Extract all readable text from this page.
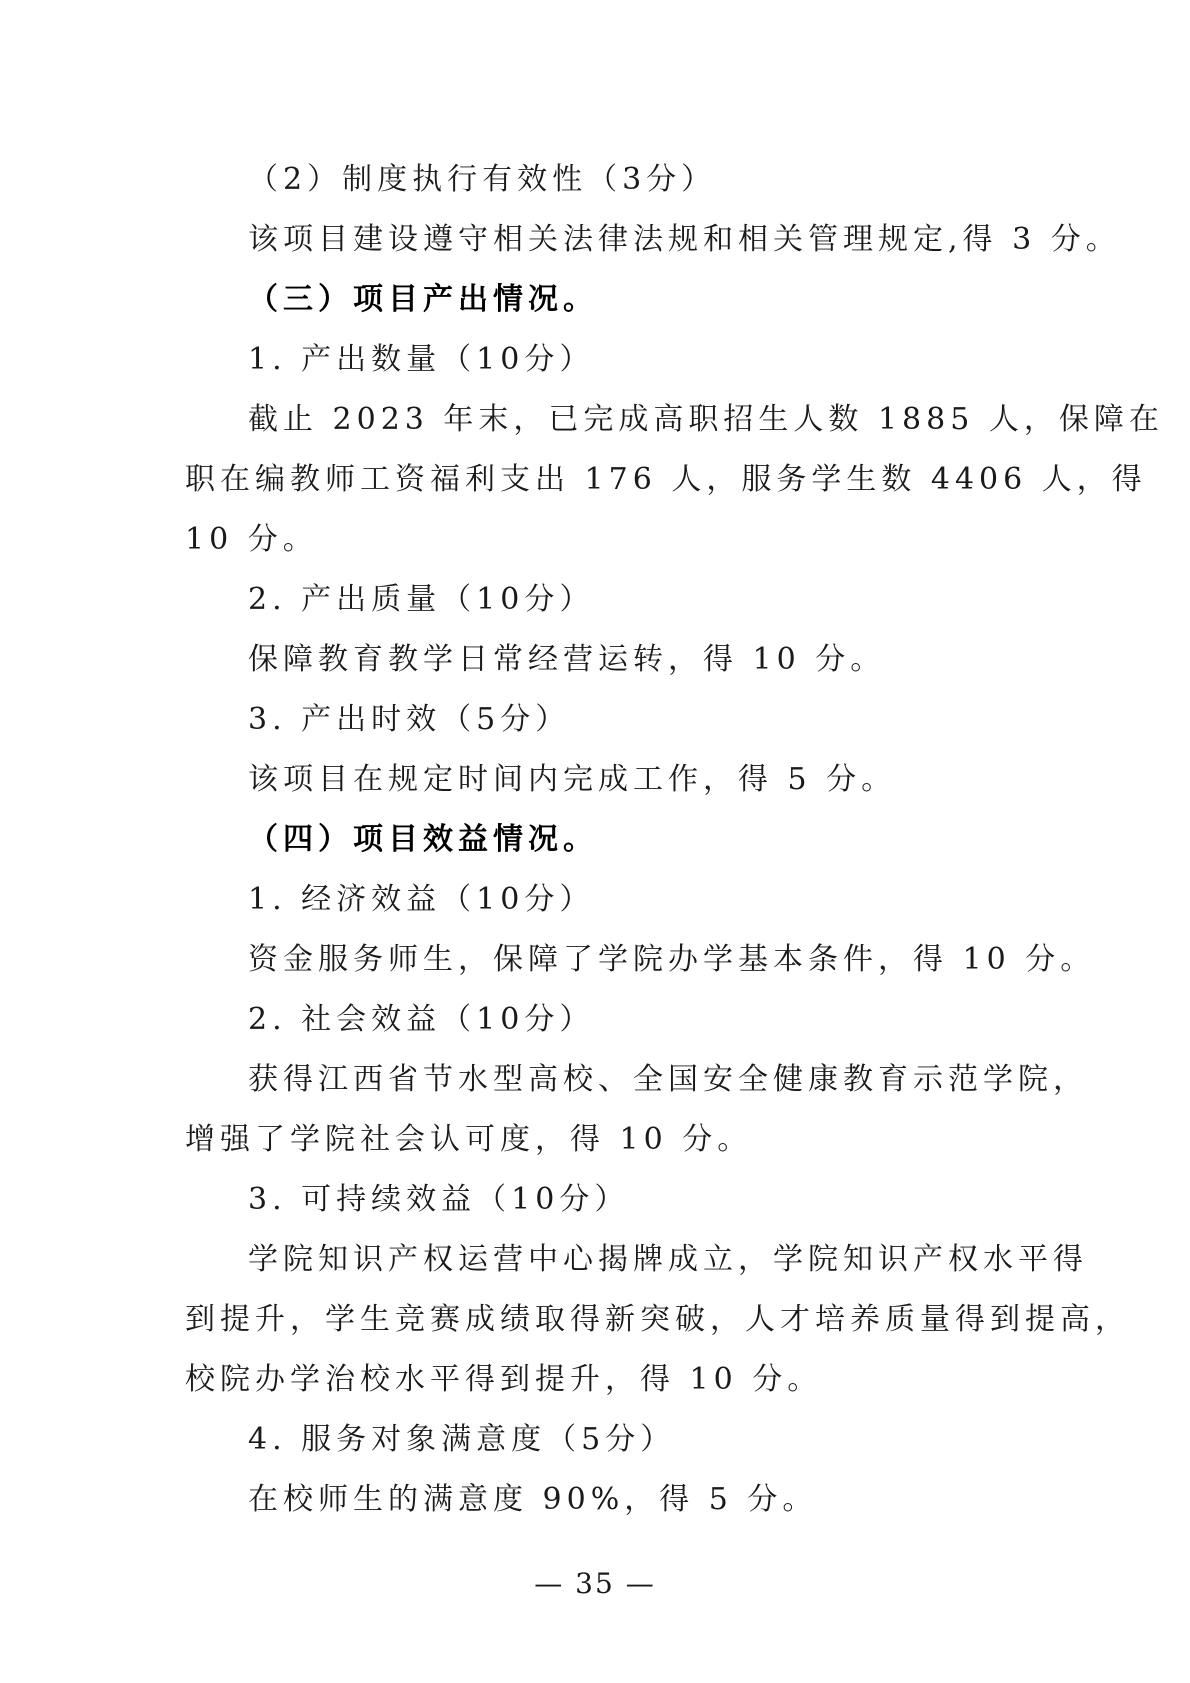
（2）制度执行有效性（3分）
该项目建设遵守相关法律法规和相关管理规定,得 3 分。
（三）项目产出情况。
1. 产出数量（10分）
截止 2023 年末，已完成高职招生人数 1885 人，保障在
职在编教师工资福利支出 176 人，服务学生数 4406 人，得
10 分。
2. 产出质量（10分）
保障教育教学日常经营运转，得 10 分。
3. 产出时效（5分）
该项目在规定时间内完成工作，得 5 分。
（四）项目效益情况。
1. 经济效益（10分）
资金服务师生，保障了学院办学基本条件，得 10 分。
2. 社会效益（10分）
获得江西省节水型高校、全国安全健康教育示范学院，
增强了学院社会认可度，得 10 分。
3. 可持续效益（10分）
学院知识产权运营中心揭牌成立，学院知识产权水平得
到提升，学生竞赛成绩取得新突破，人才培养质量得到提高，
校院办学治校水平得到提升，得 10 分。
4. 服务对象满意度（5分）
在校师生的满意度 90%，得 5 分。
— 35 —
